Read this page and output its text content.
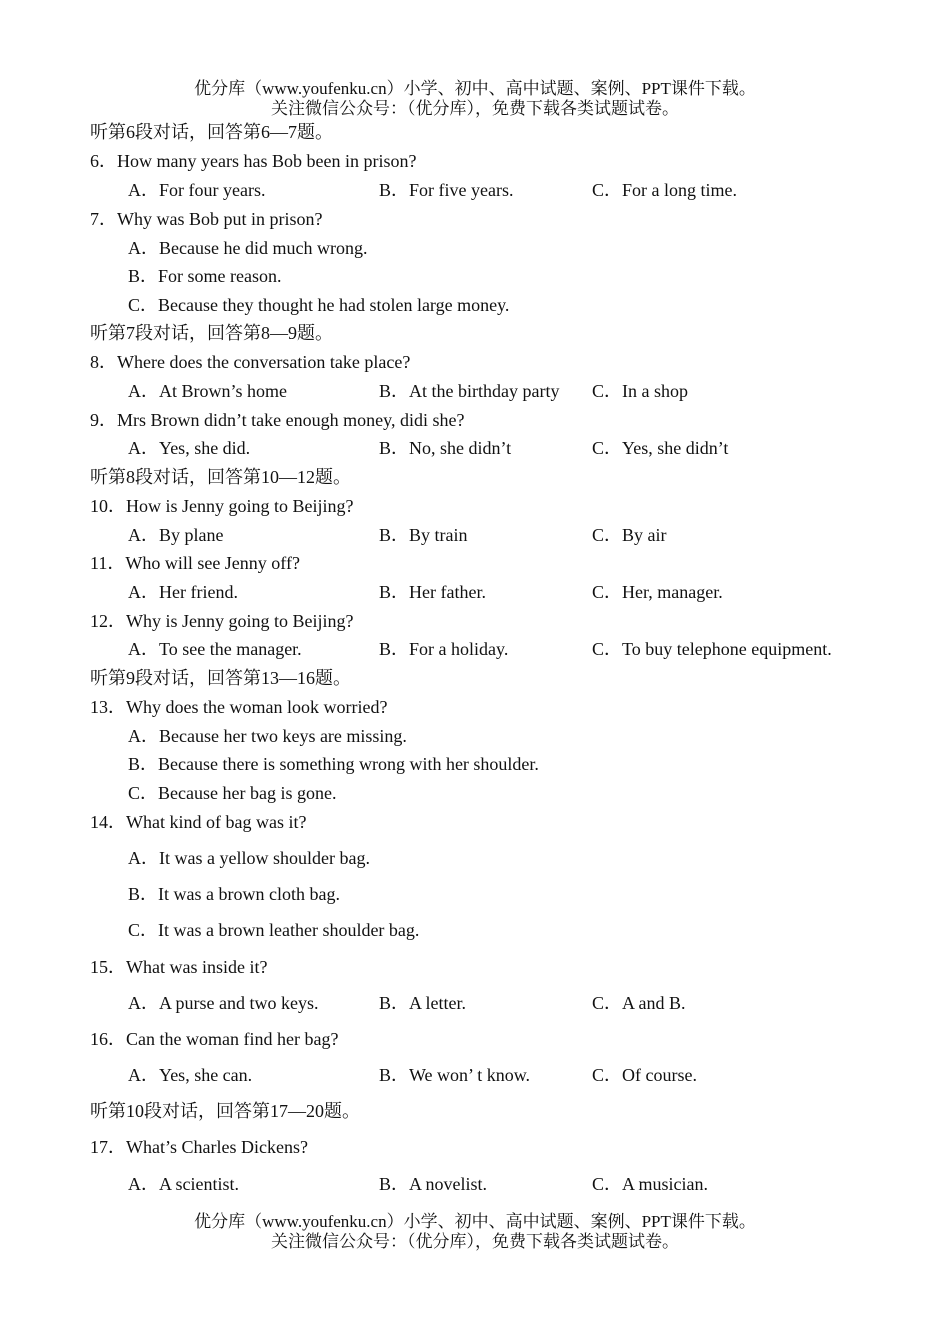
优分库（www.youfenku.cn）小学、初中、高中试题、案例、PPT课件下载。
关注微信公众号：（优分库），免费下载各类试题试卷。
听第6段对话，回答第6—7题。
6．How many years has Bob been in prison?
A．For four years.	B．For five years.	C．For a long time.
7．Why was Bob put in prison?
A．Because he did much wrong.
B．For some reason.
C．Because they thought he had stolen large money.
听第7段对话，回答第8—9题。
8．Where does the conversation take place?
A．At Brown’s home	B．At the birthday party C．In a shop
9．Mrs Brown didn’t take enough money, didi she?
A．Yes, she did.	B．No, she didn’t	C．Yes, she didn’t
听第8段对话，回答第10—12题。
10．How is Jenny going to Beijing?
A．By plane	B．By train	C．By air
11．Who will see Jenny off?
A．Her friend.	B．Her father.	C．Her, manager.
12．Why is Jenny going to Beijing?
A．To see the manager.	B．For a holiday.	C．To buy telephone equipment.
听第9段对话，回答第13—16题。
13．Why does the woman look worried?
A．Because her two keys are missing.
B．Because there is something wrong with her shoulder.
C．Because her bag is gone.
14．What kind of bag was it?
A．It was a yellow shoulder bag.
B．It was a brown cloth bag.
C．It was a brown leather shoulder bag.
15．What was inside it?
A．A purse and two keys.	B．A letter.	C．A and B.
16．Can the woman find her bag?
A．Yes, she can.	B．We won’ t know.	C．Of course.
听第10段对话，回答第17—20题。
17．What’s Charles Dickens?
A．A scientist.	B．A novelist.	C．A musician.
优分库（www.youfenku.cn）小学、初中、高中试题、案例、PPT课件下载。
关注微信公众号：（优分库），免费下载各类试题试卷。
